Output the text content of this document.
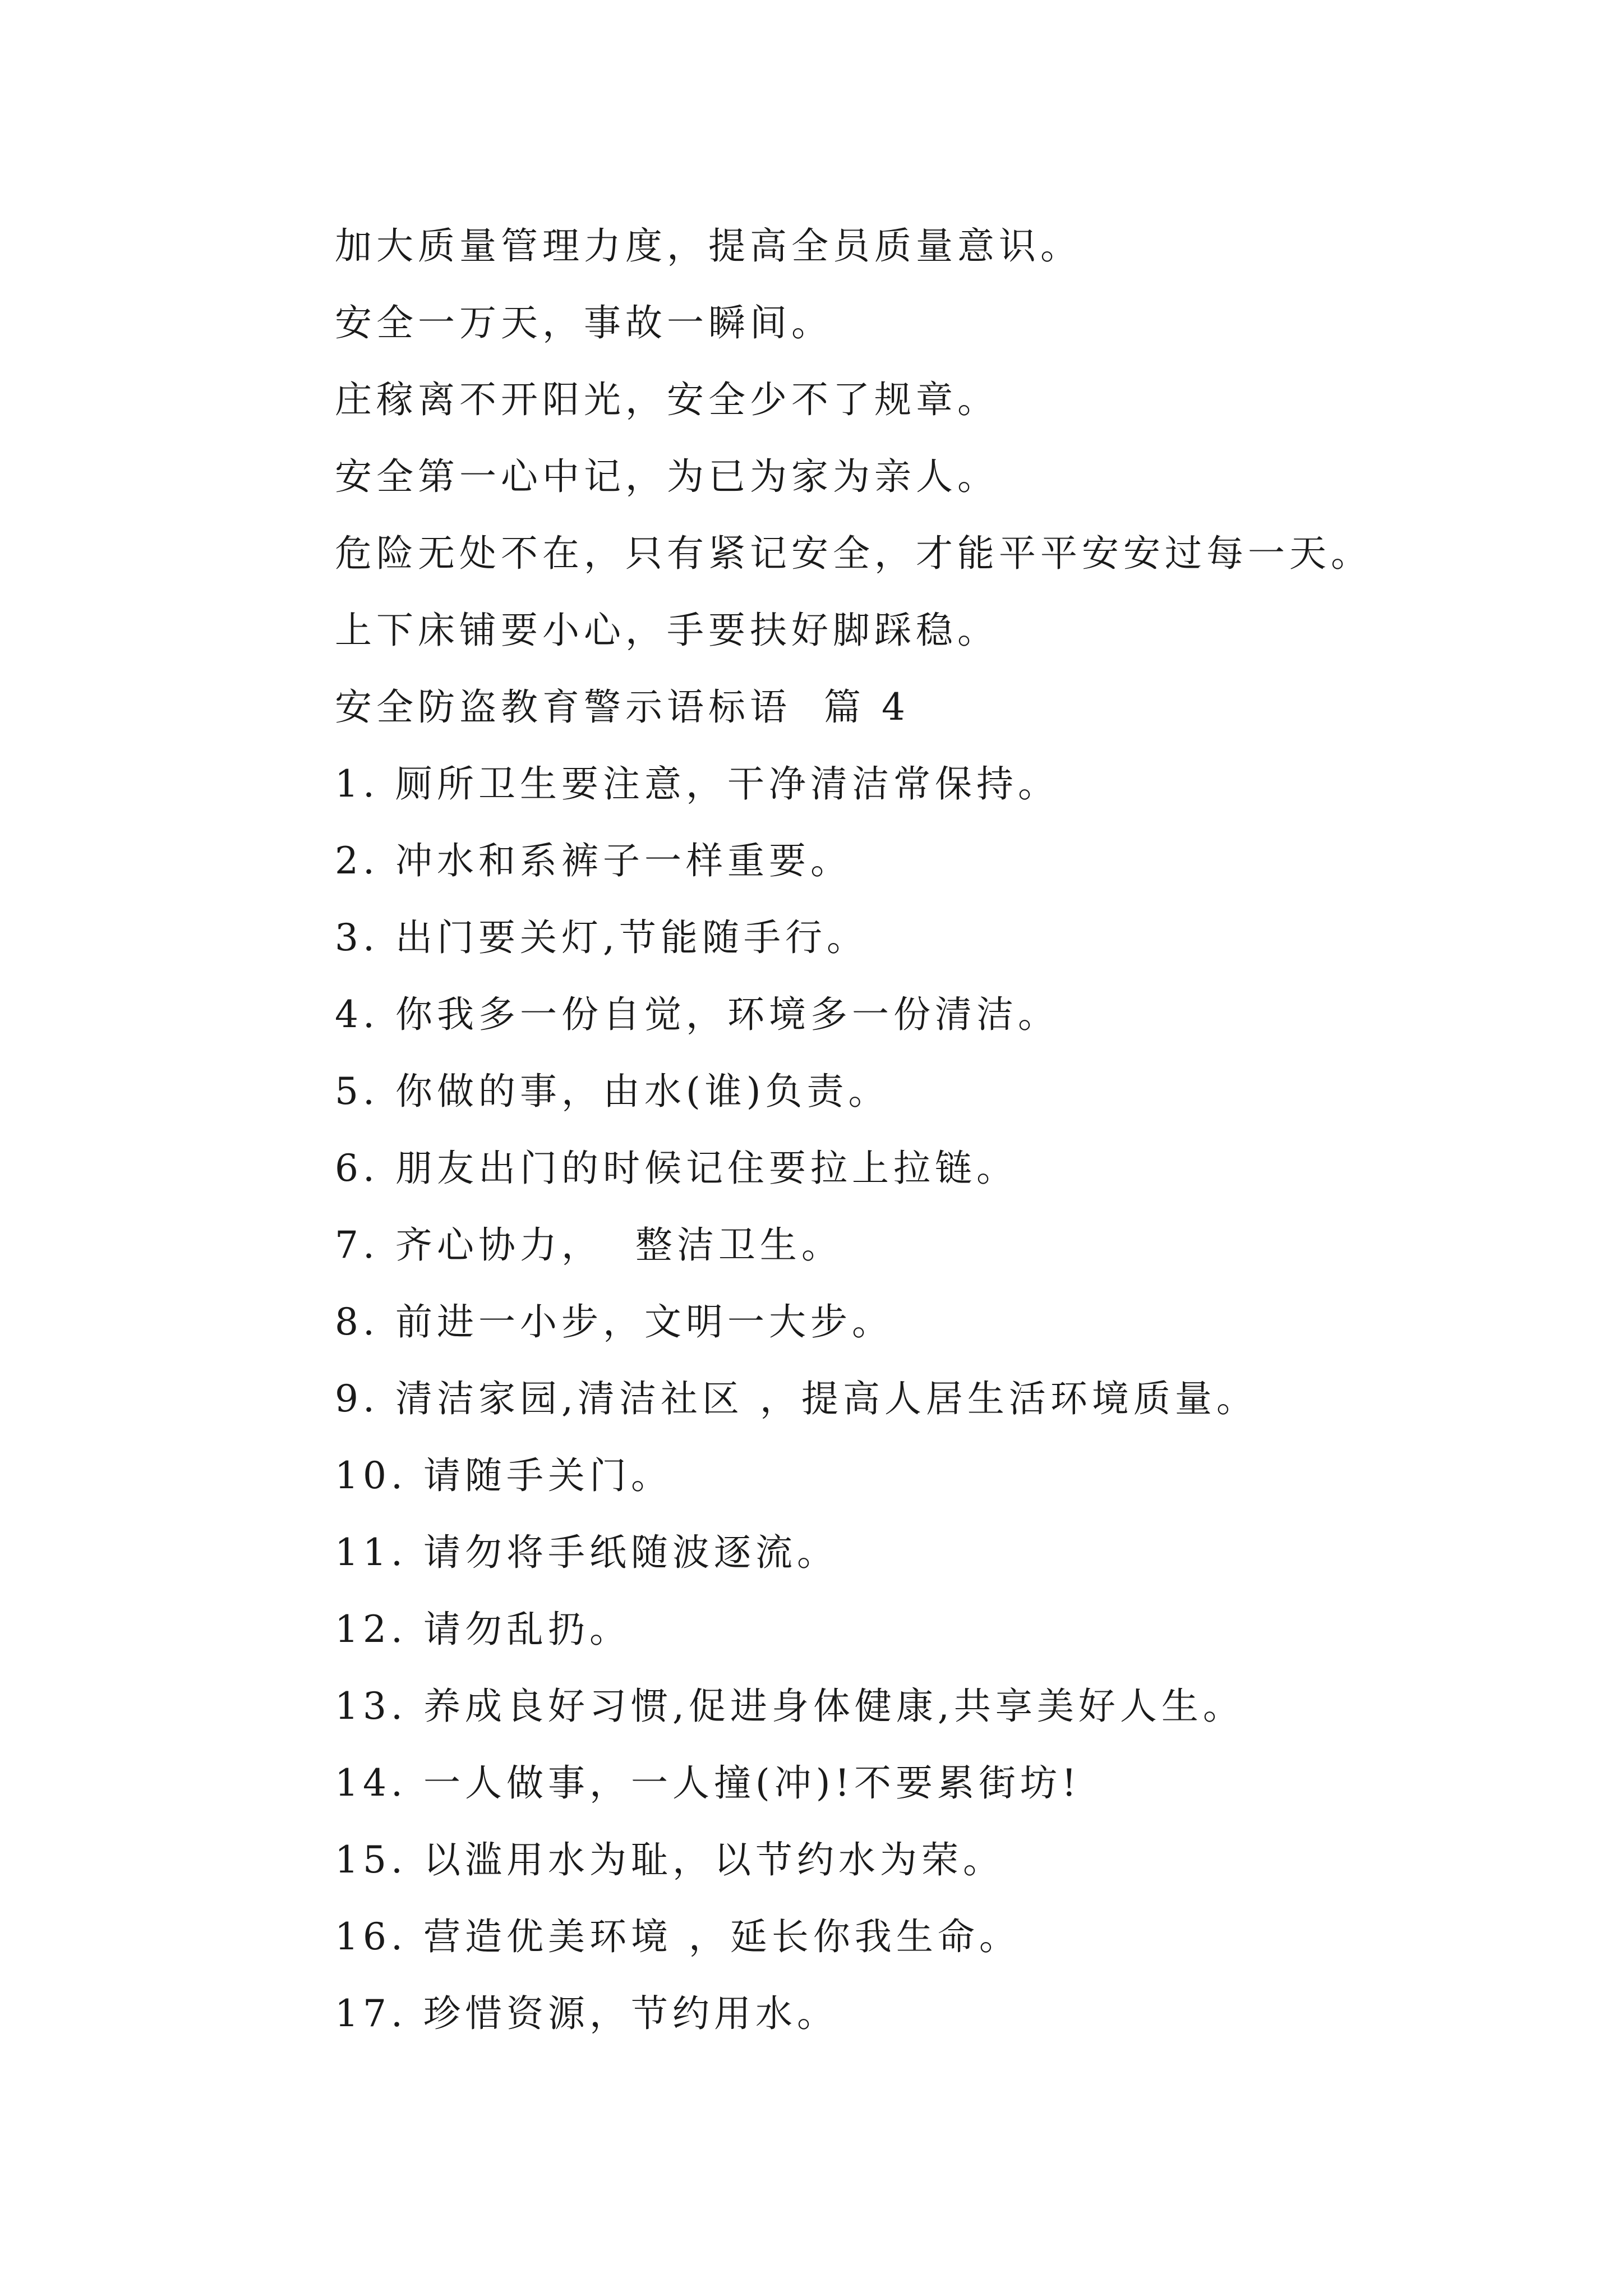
加大质量管理力度，提高全员质量意识。
安全一万天，事故一瞬间。
庄稼离不开阳光，安全少不了规章。
安全第一心中记，为已为家为亲人。
危险无处不在，只有紧记安全，才能平平安安过每一天。
上下床铺要小心，手要扶好脚踩稳。
安全防盗教育警示语标语  篇 4
1. 厕所卫生要注意，干净清洁常保持。
2. 冲水和系裤子一样重要。
3. 出门要关灯,节能随手行。
4. 你我多一份自觉，环境多一份清洁。
5. 你做的事，由水(谁)负责。
6. 朋友出门的时候记住要拉上拉链。
7. 齐心协力，  整洁卫生。
8. 前进一小步，文明一大步。
9. 清洁家园,清洁社区 ，提高人居生活环境质量。
10. 请随手关门。
11. 请勿将手纸随波逐流。
12. 请勿乱扔。
13. 养成良好习惯,促进身体健康,共享美好人生。
14. 一人做事，一人撞(冲)!不要累街坊!
15. 以滥用水为耻，以节约水为荣。
16. 营造优美环境 ，延长你我生命。
17. 珍惜资源，节约用水。
